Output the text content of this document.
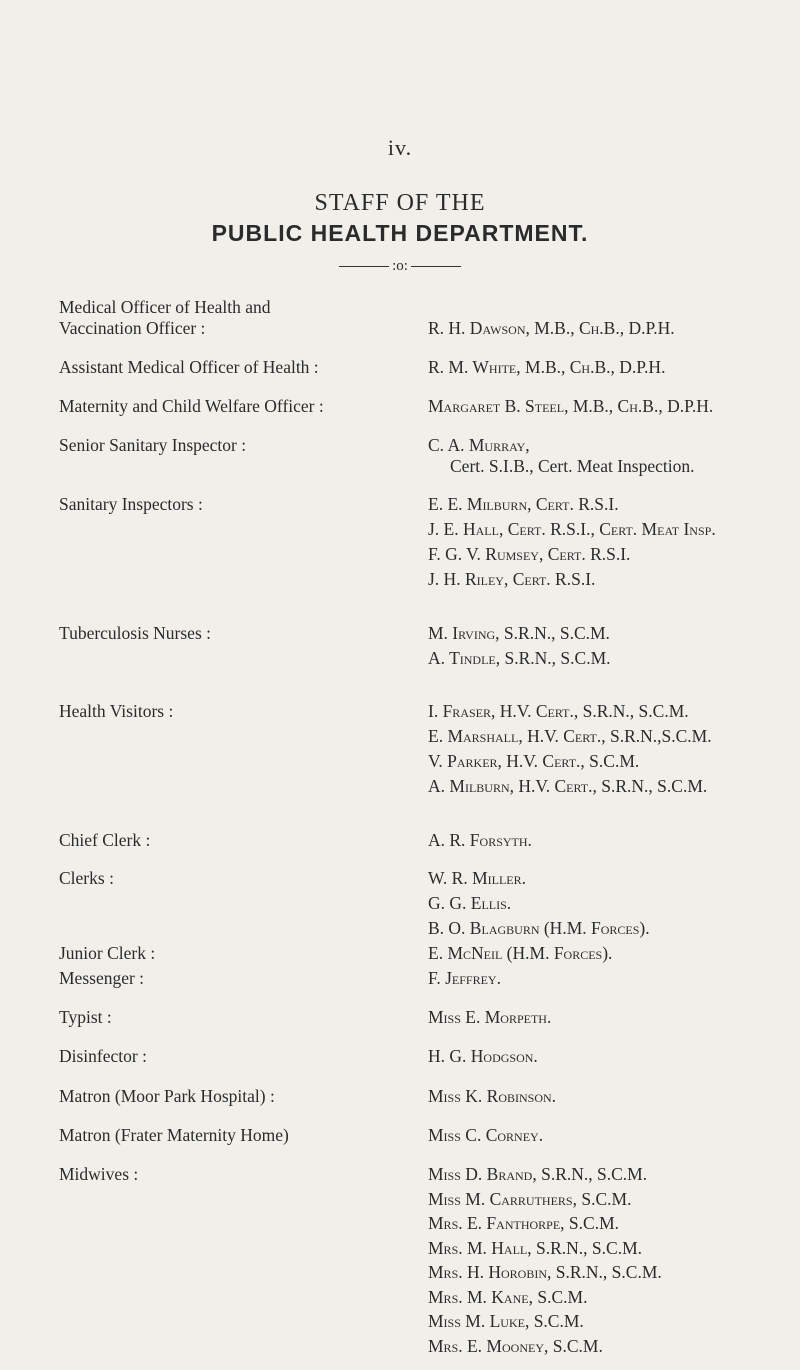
iv.
STAFF OF THE
PUBLIC HEALTH DEPARTMENT.
:o:
Medical Officer of Health and
Vaccination Officer :	R. H. Dawson, M.B., Ch.B., D.P.H.
Assistant Medical Officer of Health :	R. M. White, M.B., Ch.B., D.P.H.
Maternity and Child Welfare Officer :	Margaret B. Steel, M.B., Ch.B., D.P.H.
Senior Sanitary Inspector :	C. A. Murray,
Cert. S.I.B., Cert. Meat Inspection.
Sanitary Inspectors :	E. E. Milburn, Cert. R.S.I.
J. E. Hall, Cert. R.S.I., Cert. Meat Insp.
F. G. V. Rumsey, Cert. R.S.I.
J. H. Riley, Cert. R.S.I.
Tuberculosis Nurses :	M. Irving, S.R.N., S.C.M.
A. Tindle, S.R.N., S.C.M.
Health Visitors :	I. Fraser, H.V. Cert., S.R.N., S.C.M.
E. Marshall, H.V. Cert., S.R.N.,S.C.M.
V. Parker, H.V. Cert., S.C.M.
A. Milburn, H.V. Cert., S.R.N., S.C.M.
Chief Clerk :	A. R. Forsyth.
Clerks :	W. R. Miller.
G. G. Ellis.
B. O. Blagburn (H.M. Forces).
Junior Clerk :	E. McNeil (H.M. Forces).
Messenger :	F. Jeffrey.
Typist :	Miss E. Morpeth.
Disinfector :	H. G. Hodgson.
Matron (Moor Park Hospital) :	Miss K. Robinson.
Matron (Frater Maternity Home)	Miss C. Corney.
Midwives :	Miss D. Brand, S.R.N., S.C.M.
Miss M. Carruthers, S.C.M.
Mrs. E. Fanthorpe, S.C.M.
Mrs. M. Hall, S.R.N., S.C.M.
Mrs. H. Horobin, S.R.N., S.C.M.
Mrs. M. Kane, S.C.M.
Miss M. Luke, S.C.M.
Mrs. E. Mooney, S.C.M.
